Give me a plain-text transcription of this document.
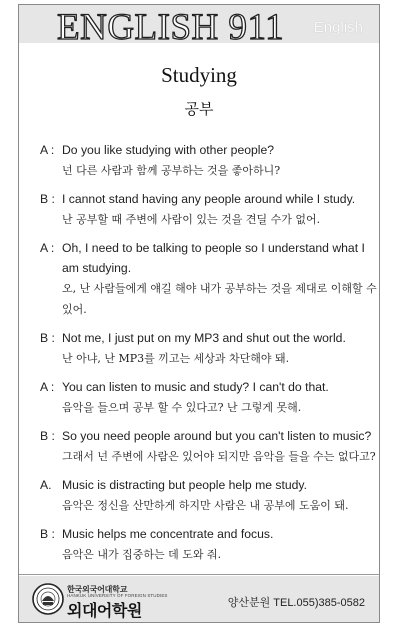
ENGLISH 911 English
Studying
공부
A : Do you like studying with other people?
넌 다른 사람과 함께 공부하는 것을 좋아하니?
B : I cannot stand having any people around while I study.
난 공부할 때 주변에 사람이 있는 것을 견딜 수가 없어.
A : Oh, I need to be talking to people so I understand what I am studying.
오, 난 사람들에게 얘길 해야 내가 공부하는 것을 제대로 이해할 수 있어.
B : Not me, I just put on my MP3 and shut out the world.
난 아냐, 난 MP3를 끼고는 세상과 차단해야 돼.
A : You can listen to music and study? I can't do that.
음악을 들으며 공부 할 수 있다고? 난 그렇게 못해.
B : So you need people around but you can't listen to music?
그래서 넌 주변에 사람은 있어야 되지만 음악을 들을 수는 없다고?
A. Music is distracting but people help me study.
음악은 정신을 산만하게 하지만 사람은 내 공부에 도움이 돼.
B : Music helps me concentrate and focus.
음악은 내가 집중하는 데 도와 줘.
한국외국어대학교
HANKUK UNIVERSITY OF FOREIGN STUDIES
외대어학원	양산분원 TEL.055)385-0582
